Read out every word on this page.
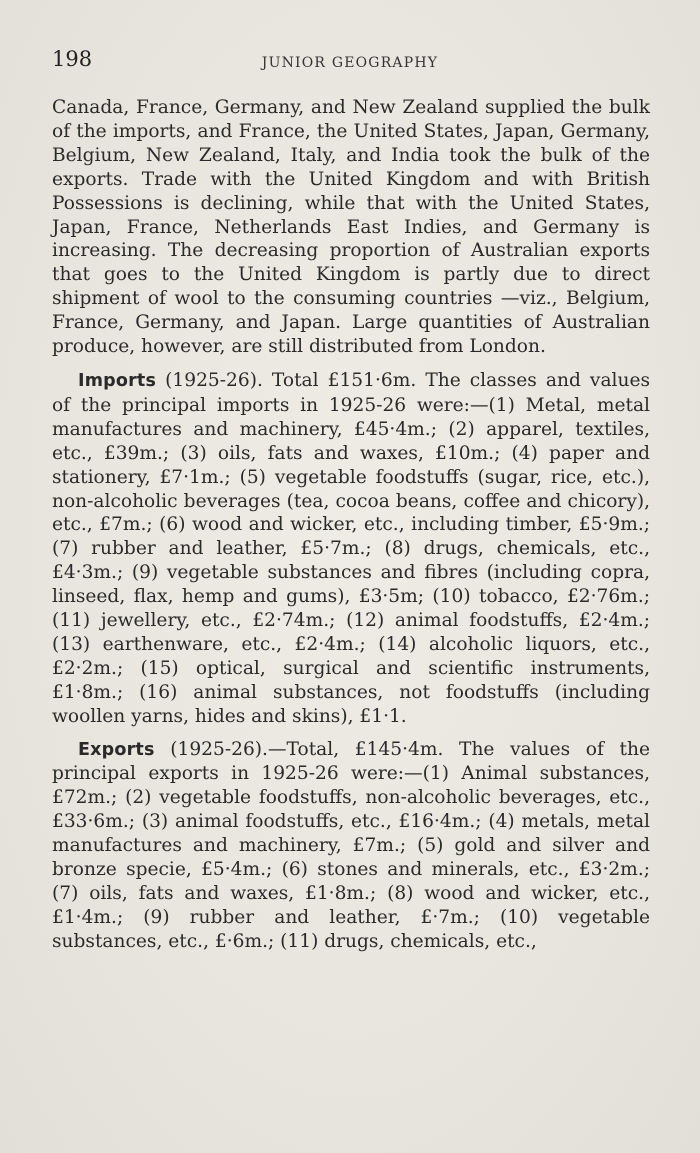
198	JUNIOR GEOGRAPHY

Canada, France, Germany, and New Zealand supplied the bulk of the imports, and France, the United States, Japan, Germany, Belgium, New Zealand, Italy, and India took the bulk of the exports. Trade with the United Kingdom and with British Possessions is declining, while that with the United States, Japan, France, Netherlands East Indies, and Germany is increasing. The decreasing proportion of Australian exports that goes to the United Kingdom is partly due to direct shipment of wool to the consuming countries —viz., Belgium, France, Germany, and Japan. Large quantities of Australian produce, however, are still distributed from London.

Imports (1925-26). Total £151·6m. The classes and values of the principal imports in 1925-26 were:—(1) Metal, metal manufactures and machinery, £45·4m.; (2) apparel, textiles, etc., £39m.; (3) oils, fats and waxes, £10m.; (4) paper and stationery, £7·1m.; (5) vegetable foodstuffs (sugar, rice, etc.), non-alcoholic beverages (tea, cocoa beans, coffee and chicory), etc., £7m.; (6) wood and wicker, etc., including timber, £5·9m.; (7) rubber and leather, £5·7m.; (8) drugs, chemicals, etc., £4·3m.; (9) vegetable substances and fibres (including copra, linseed, flax, hemp and gums), £3·5m; (10) tobacco, £2·76m.; (11) jewellery, etc., £2·74m.; (12) animal foodstuffs, £2·4m.; (13) earthenware, etc., £2·4m.; (14) alcoholic liquors, etc., £2·2m.; (15) optical, surgical and scientific instruments, £1·8m.; (16) animal substances, not foodstuffs (including woollen yarns, hides and skins), £1·1.

Exports (1925-26).—Total, £145·4m. The values of the principal exports in 1925-26 were:—(1) Animal substances, £72m.; (2) vegetable foodstuffs, non-alcoholic beverages, etc., £33·6m.; (3) animal foodstuffs, etc., £16·4m.; (4) metals, metal manufactures and machinery, £7m.; (5) gold and silver and bronze specie, £5·4m.; (6) stones and minerals, etc., £3·2m.; (7) oils, fats and waxes, £1·8m.; (8) wood and wicker, etc., £1·4m.; (9) rubber and leather, £·7m.; (10) vegetable substances, etc., £·6m.; (11) drugs, chemicals, etc.,
